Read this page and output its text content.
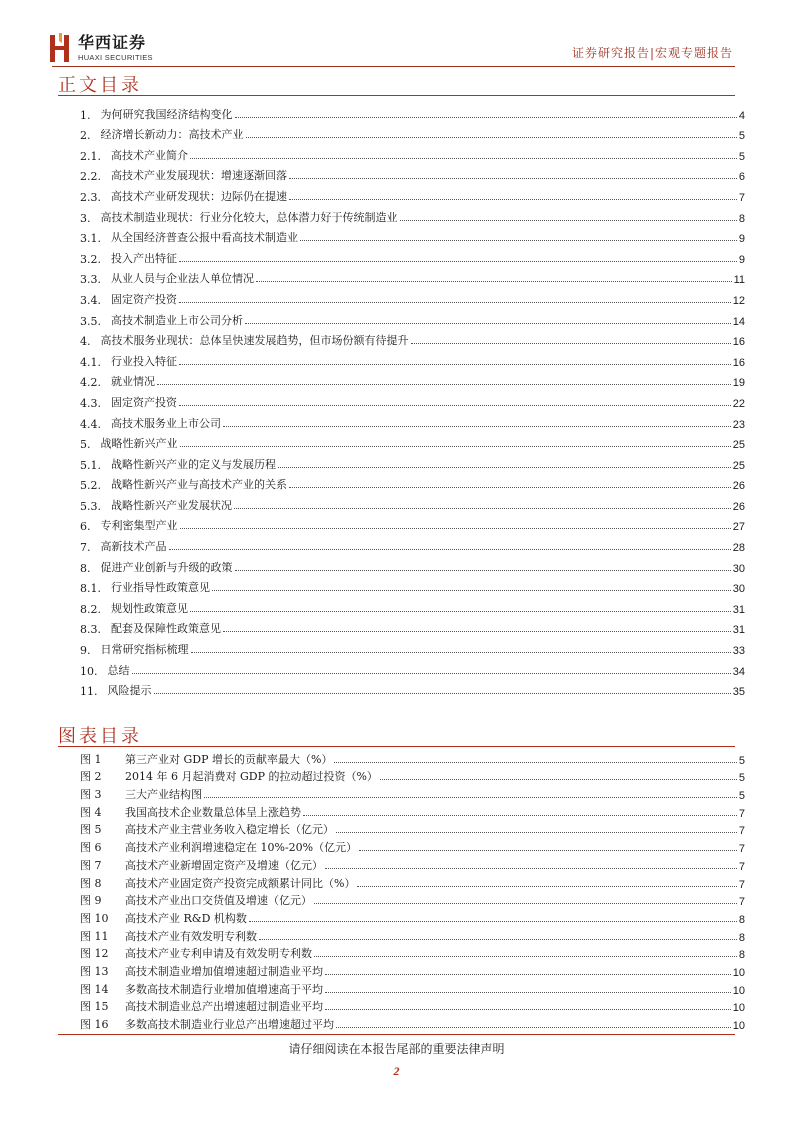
华西证券
HUAXI SECURITIES	证券研究报告|宏观专题报告
正文目录
1. 为何研究我国经济结构变化	4
2. 经济增长新动力：高技术产业	5
2.1. 高技术产业简介	5
2.2. 高技术产业发展现状：增速逐渐回落	6
2.3. 高技术产业研发现状：边际仍在提速	7
3. 高技术制造业现状：行业分化较大，总体潜力好于传统制造业	8
3.1. 从全国经济普查公报中看高技术制造业	9
3.2. 投入产出特征	9
3.3. 从业人员与企业法人单位情况	11
3.4. 固定资产投资	12
3.5. 高技术制造业上市公司分析	14
4. 高技术服务业现状：总体呈快速发展趋势，但市场份额有待提升	16
4.1. 行业投入特征	16
4.2. 就业情况	19
4.3. 固定资产投资	22
4.4. 高技术服务业上市公司	23
5. 战略性新兴产业	25
5.1. 战略性新兴产业的定义与发展历程	25
5.2. 战略性新兴产业与高技术产业的关系	26
5.3. 战略性新兴产业发展状况	26
6. 专利密集型产业	27
7. 高新技术产品	28
8. 促进产业创新与升级的政策	30
8.1. 行业指导性政策意见	30
8.2. 规划性政策意见	31
8.3. 配套及保障性政策意见	31
9. 日常研究指标梳理	33
10. 总结	34
11. 风险提示	35
图表目录
图 1	第三产业对 GDP 增长的贡献率最大（%）	5
图 2	2014 年 6 月起消费对 GDP 的拉动超过投资（%）	5
图 3	三大产业结构图	5
图 4	我国高技术企业数量总体呈上涨趋势	7
图 5	高技术产业主营业务收入稳定增长（亿元）	7
图 6	高技术产业利润增速稳定在 10%-20%（亿元）	7
图 7	高技术产业新增固定资产及增速（亿元）	7
图 8	高技术产业固定资产投资完成额累计同比（%）	7
图 9	高技术产业出口交货值及增速（亿元）	7
图 10	高技术产业 R&D 机构数	8
图 11	高技术产业有效发明专利数	8
图 12	高技术产业专利申请及有效发明专利数	8
图 13	高技术制造业增加值增速超过制造业平均	10
图 14	多数高技术制造行业增加值增速高于平均	10
图 15	高技术制造业总产出增速超过制造业平均	10
图 16	多数高技术制造业行业总产出增速超过平均	10
请仔细阅读在本报告尾部的重要法律声明
2
